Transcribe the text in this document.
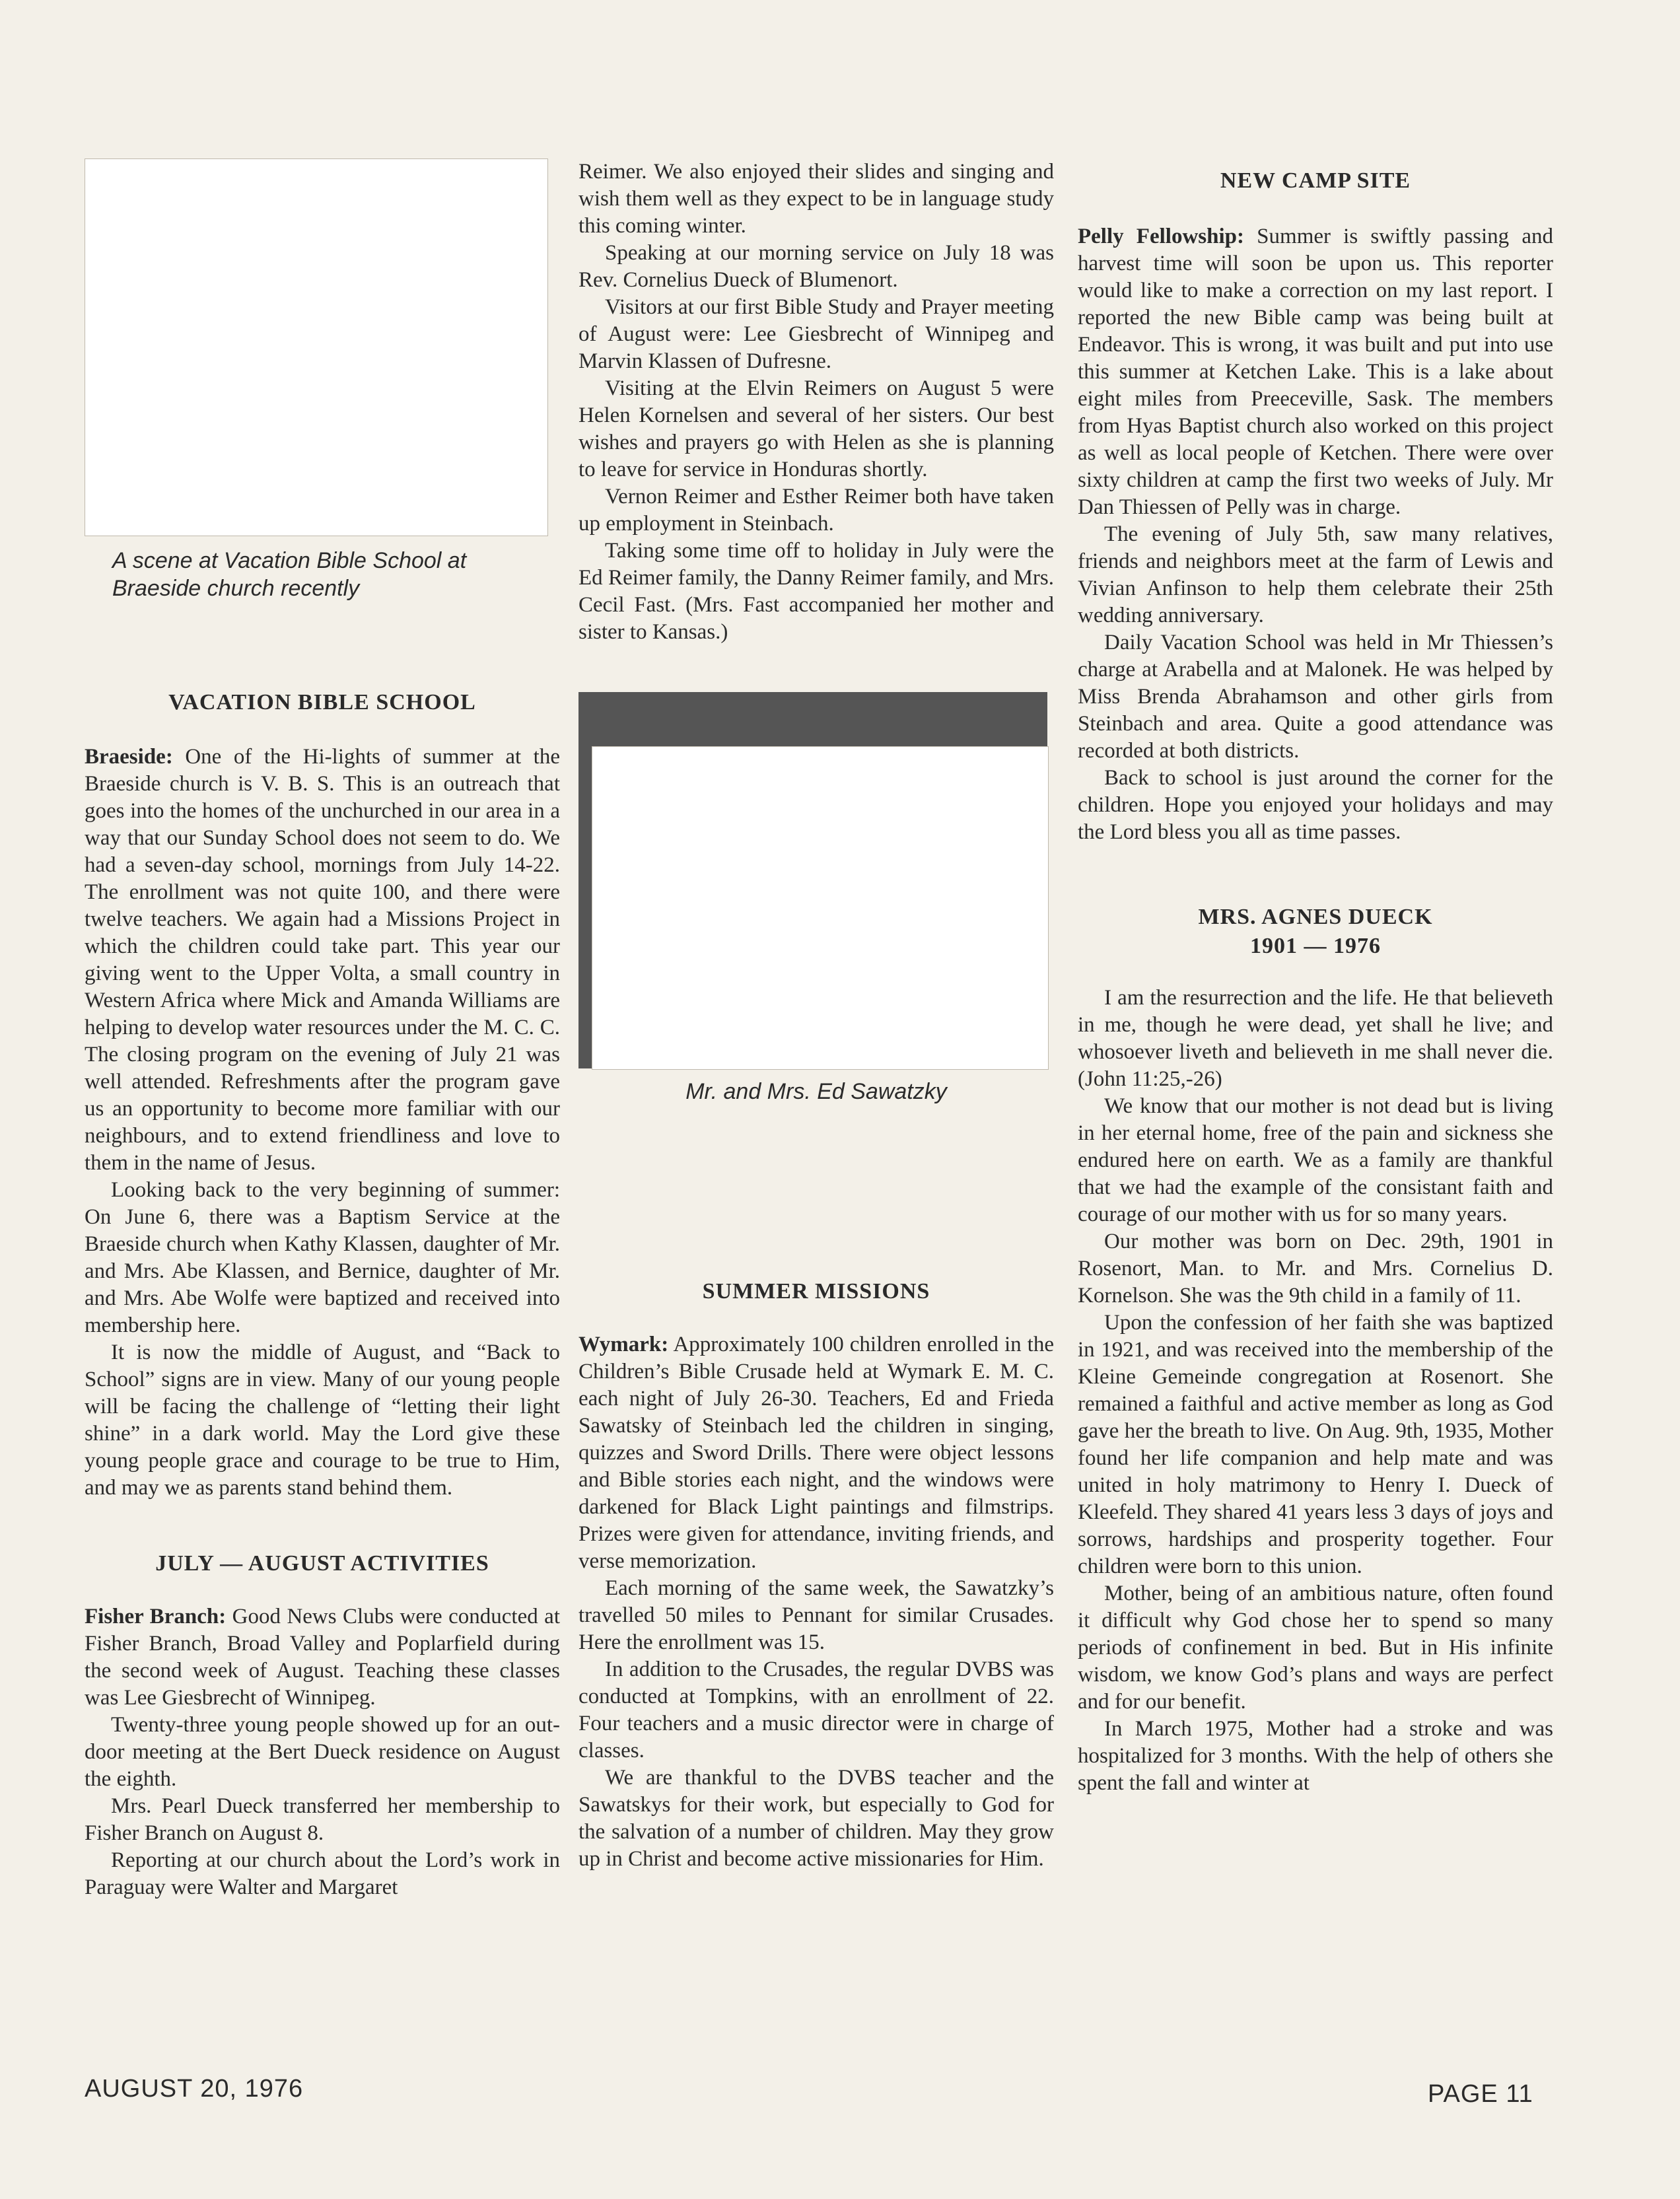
A scene at Vacation Bible School at Braeside church recently

VACATION BIBLE SCHOOL

Braeside: One of the Hi-lights of summer at the Braeside church is V. B. S. This is an outreach that goes into the homes of the unchurched in our area in a way that our Sunday School does not seem to do. We had a seven-day school, mornings from July 14-22. The enrollment was not quite 100, and there were twelve teachers. We again had a Missions Project in which the children could take part. This year our giving went to the Upper Volta, a small country in Western Africa where Mick and Amanda Williams are helping to develop water resources under the M. C. C. The closing program on the evening of July 21 was well attended. Refreshments after the program gave us an opportunity to become more familiar with our neighbours, and to extend friendliness and love to them in the name of Jesus.

Looking back to the very beginning of summer: On June 6, there was a Baptism Service at the Braeside church when Kathy Klassen, daughter of Mr. and Mrs. Abe Klassen, and Bernice, daughter of Mr. and Mrs. Abe Wolfe were baptized and received into membership here.

It is now the middle of August, and “Back to School” signs are in view. Many of our young people will be facing the challenge of “letting their light shine” in a dark world. May the Lord give these young people grace and courage to be true to Him, and may we as parents stand behind them.

JULY — AUGUST ACTIVITIES

Fisher Branch: Good News Clubs were conducted at Fisher Branch, Broad Valley and Poplarfield during the second week of August. Teaching these classes was Lee Giesbrecht of Winnipeg.

Twenty-three young people showed up for an out-door meeting at the Bert Dueck residence on August the eighth.

Mrs. Pearl Dueck transferred her membership to Fisher Branch on August 8.

Reporting at our church about the Lord’s work in Paraguay were Walter and Margaret

Reimer. We also enjoyed their slides and singing and wish them well as they expect to be in language study this coming winter.

Speaking at our morning service on July 18 was Rev. Cornelius Dueck of Blumenort.

Visitors at our first Bible Study and Prayer meeting of August were: Lee Giesbrecht of Winnipeg and Marvin Klassen of Dufresne.

Visiting at the Elvin Reimers on August 5 were Helen Kornelsen and several of her sisters. Our best wishes and prayers go with Helen as she is planning to leave for service in Honduras shortly.

Vernon Reimer and Esther Reimer both have taken up employment in Steinbach.

Taking some time off to holiday in July were the Ed Reimer family, the Danny Reimer family, and Mrs. Cecil Fast. (Mrs. Fast accompanied her mother and sister to Kansas.)

Mr. and Mrs. Ed Sawatzky

SUMMER MISSIONS

Wymark: Approximately 100 children enrolled in the Children’s Bible Crusade held at Wymark E. M. C. each night of July 26-30. Teachers, Ed and Frieda Sawatsky of Steinbach led the children in singing, quizzes and Sword Drills. There were object lessons and Bible stories each night, and the windows were darkened for Black Light paintings and filmstrips. Prizes were given for attendance, inviting friends, and verse memorization.

Each morning of the same week, the Sawatzky’s travelled 50 miles to Pennant for similar Crusades. Here the enrollment was 15.

In addition to the Crusades, the regular DVBS was conducted at Tompkins, with an enrollment of 22. Four teachers and a music director were in charge of classes.

We are thankful to the DVBS teacher and the Sawatskys for their work, but especially to God for the salvation of a number of children. May they grow up in Christ and become active missionaries for Him.

NEW CAMP SITE

Pelly Fellowship: Summer is swiftly passing and harvest time will soon be upon us. This reporter would like to make a correction on my last report. I reported the new Bible camp was being built at Endeavor. This is wrong, it was built and put into use this summer at Ketchen Lake. This is a lake about eight miles from Preeceville, Sask. The members from Hyas Baptist church also worked on this project as well as local people of Ketchen. There were over sixty children at camp the first two weeks of July. Mr Dan Thiessen of Pelly was in charge.

The evening of July 5th, saw many relatives, friends and neighbors meet at the farm of Lewis and Vivian Anfinson to help them celebrate their 25th wedding anniversary.

Daily Vacation School was held in Mr Thiessen’s charge at Arabella and at Malonek. He was helped by Miss Brenda Abrahamson and other girls from Steinbach and area. Quite a good attendance was recorded at both districts.

Back to school is just around the corner for the children. Hope you enjoyed your holidays and may the Lord bless you all as time passes.

MRS. AGNES DUECK

1901 — 1976

I am the resurrection and the life. He that believeth in me, though he were dead, yet shall he live; and whosoever liveth and believeth in me shall never die. (John 11:25,-26)

We know that our mother is not dead but is living in her eternal home, free of the pain and sickness she endured here on earth. We as a family are thankful that we had the example of the consistant faith and courage of our mother with us for so many years.

Our mother was born on Dec. 29th, 1901 in Rosenort, Man. to Mr. and Mrs. Cornelius D. Kornelson. She was the 9th child in a family of 11.

Upon the confession of her faith she was baptized in 1921, and was received into the membership of the Kleine Gemeinde congregation at Rosenort. She remained a faithful and active member as long as God gave her the breath to live. On Aug. 9th, 1935, Mother found her life companion and help mate and was united in holy matrimony to Henry I. Dueck of Kleefeld. They shared 41 years less 3 days of joys and sorrows, hardships and prosperity together. Four children were born to this union.

Mother, being of an ambitious nature, often found it difficult why God chose her to spend so many periods of confinement in bed. But in His infinite wisdom, we know God’s plans and ways are perfect and for our benefit.

In March 1975, Mother had a stroke and was hospitalized for 3 months. With the help of others she spent the fall and winter at

AUGUST 20, 1976	PAGE 11
